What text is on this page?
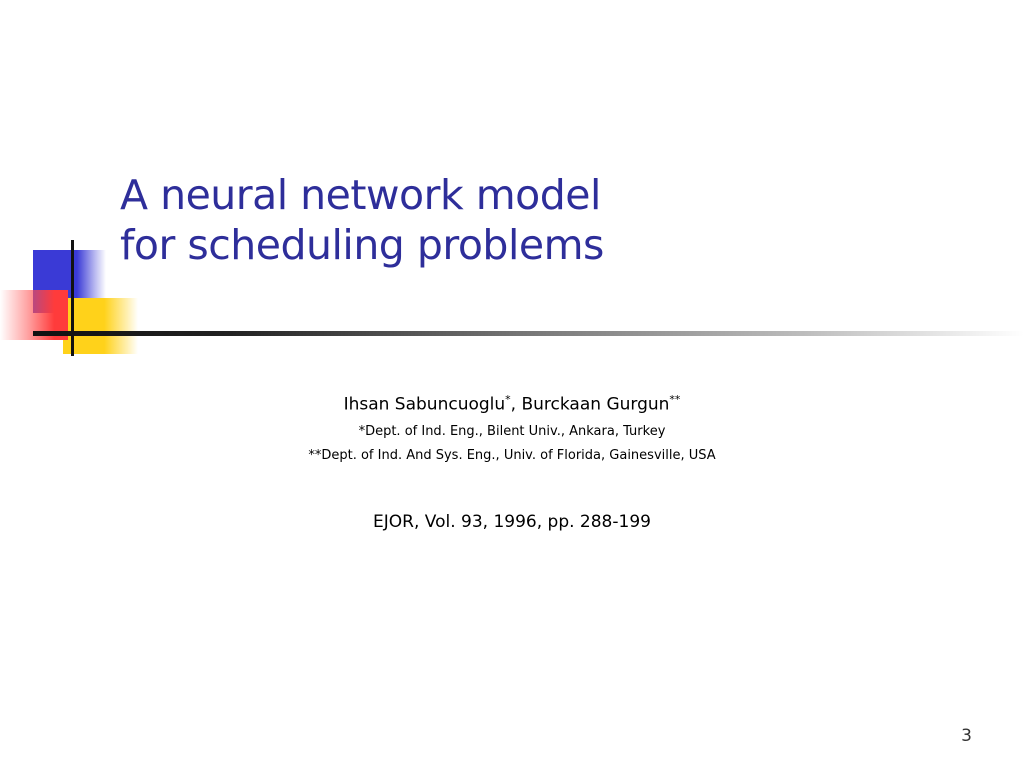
A neural network model
for scheduling problems
Ihsan Sabuncuoglu*, Burckaan Gurgun**
*Dept. of Ind. Eng., Bilent Univ., Ankara, Turkey
**Dept. of Ind. And Sys. Eng., Univ. of Florida, Gainesville, USA
EJOR, Vol. 93, 1996, pp. 288-199
3
